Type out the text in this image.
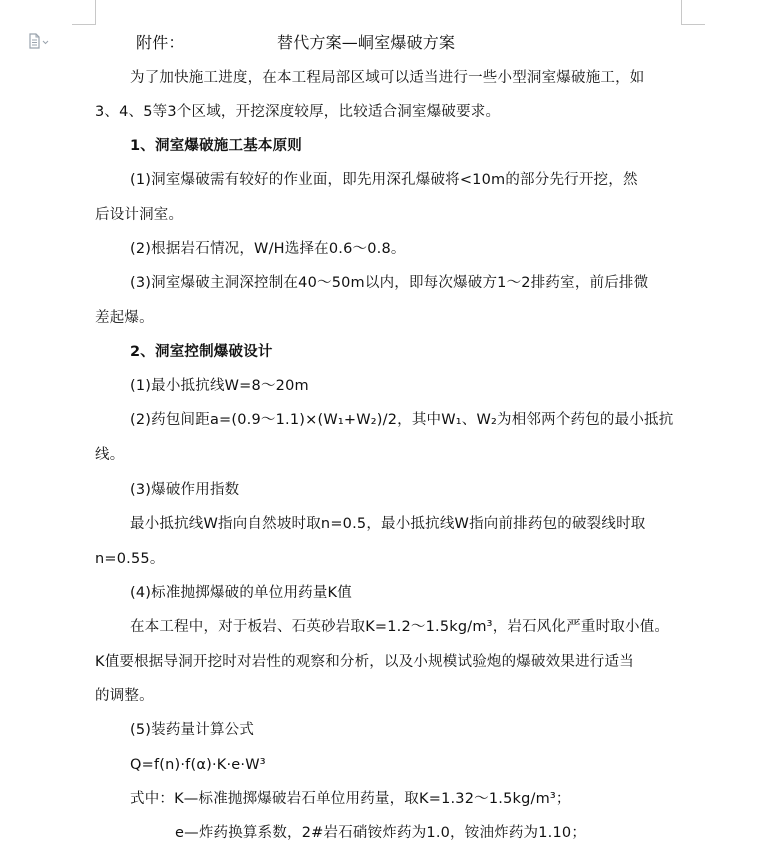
附件：	替代方案—峒室爆破方案
为了加快施工进度，在本工程局部区域可以适当进行一些小型洞室爆破施工，如
3、4、5等3个区域，开挖深度较厚，比较适合洞室爆破要求。
1、洞室爆破施工基本原则
(1)洞室爆破需有较好的作业面，即先用深孔爆破将<10m的部分先行开挖，然
后设计洞室。
(2)根据岩石情况，W/H选择在0.6～0.8。
(3)洞室爆破主洞深控制在40～50m以内，即每次爆破方1～2排药室，前后排微
差起爆。
2、洞室控制爆破设计
(1)最小抵抗线W=8～20m
(2)药包间距a=(0.9～1.1)×(W₁+W₂)/2，其中W₁、W₂为相邻两个药包的最小抵抗
线。
(3)爆破作用指数
最小抵抗线W指向自然坡时取n=0.5，最小抵抗线W指向前排药包的破裂线时取
n=0.55。
(4)标准抛掷爆破的单位用药量K值
在本工程中，对于板岩、石英砂岩取K=1.2～1.5kg/m³，岩石风化严重时取小值。
K值要根据导洞开挖时对岩性的观察和分析，以及小规模试验炮的爆破效果进行适当
的调整。
(5)装药量计算公式
Q=f(n)·f(α)·K·e·W³
式中：K—标准抛掷爆破岩石单位用药量，取K=1.32～1.5kg/m³；
e—炸药换算系数，2#岩石硝铵炸药为1.0，铵油炸药为1.10；
